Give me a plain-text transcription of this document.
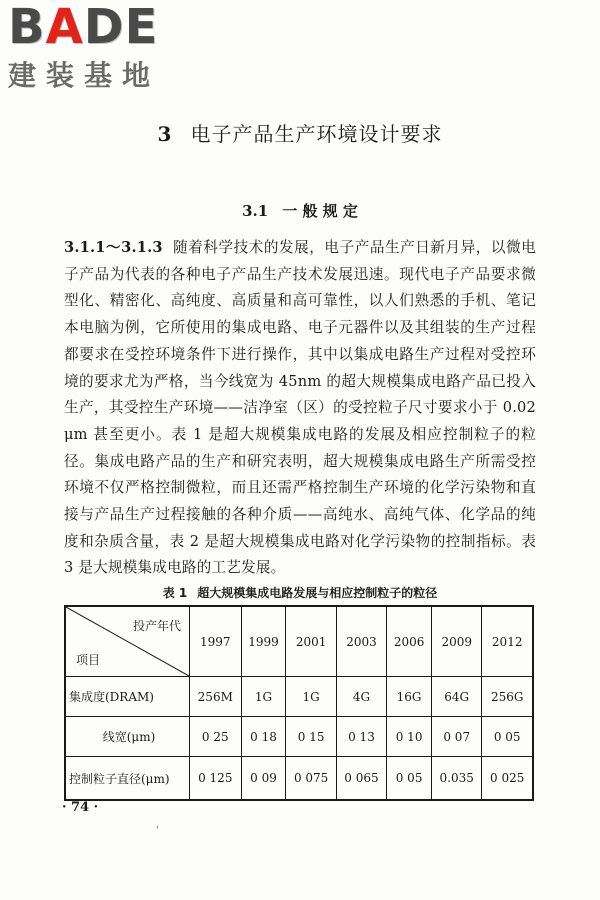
BADE
建装基地
3 电子产品生产环境设计要求
3.1 一 般 规 定
3.1.1～3.1.3 随着科学技术的发展，电子产品生产日新月异，以微电子产品为代表的各种电子产品生产技术发展迅速。现代电子产品要求微型化、精密化、高纯度、高质量和高可靠性，以人们熟悉的手机、笔记本电脑为例，它所使用的集成电路、电子元器件以及其组装的生产过程都要求在受控环境条件下进行操作，其中以集成电路生产过程对受控环境的要求尤为严格，当今线宽为 45nm 的超大规模集成电路产品已投入生产，其受控生产环境——洁净室（区）的受控粒子尺寸要求小于 0.02 μm 甚至更小。表 1 是超大规模集成电路的发展及相应控制粒子的粒径。集成电路产品的生产和研究表明，超大规模集成电路生产所需受控环境不仅严格控制微粒，而且还需严格控制生产环境的化学污染物和直接与产品生产过程接触的各种介质——高纯水、高纯气体、化学品的纯度和杂质含量，表 2 是超大规模集成电路对化学污染物的控制指标。表 3 是大规模集成电路的工艺发展。
表 1 超大规模集成电路发展与相应控制粒子的粒径
投产年代
项目	1997	1999	2001	2003	2006	2009	2012
集成度(DRAM)	256M	1G	1G	4G	16G	64G	256G
线宽(μm)	0 25	0 18	0 15	0 13	0 10	0 07	0 05
控制粒子直径(μm)	0 125	0 09	0 075	0 065	0 05	0.035	0 025
· 74 ·
'
